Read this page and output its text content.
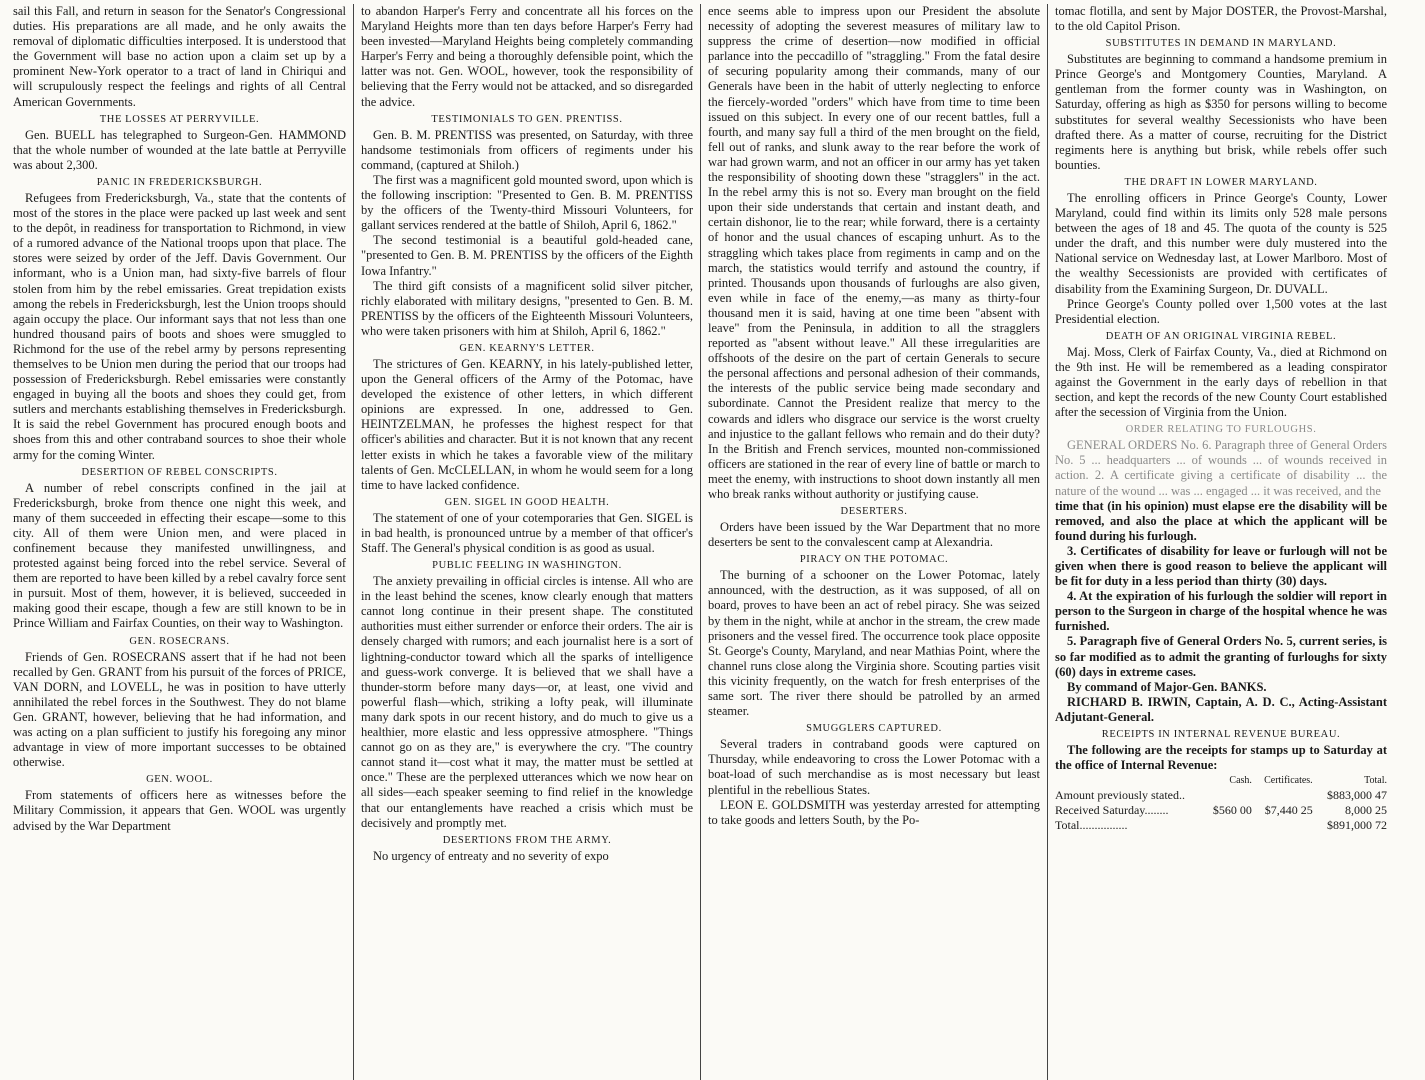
sail this Fall, and return in season for the Senator's Congressional duties. His preparations are all made, and he only awaits the removal of diplomatic difficulties interposed. It is understood that the Government will base no action upon a claim set up by a prominent New-York operator to a tract of land in Chiriqui and will scrupulously respect the feelings and rights of all Central American Governments.

THE LOSSES AT PERRYVILLE.

Gen. BUELL has telegraphed to Surgeon-Gen. HAMMOND that the whole number of wounded at the late battle at Perryville was about 2,300.

PANIC IN FREDERICKSBURGH.

Refugees from Fredericksburgh, Va., state that the contents of most of the stores in the place were packed up last week and sent to the depôt, in readiness for transportation to Richmond, in view of a rumored advance of the National troops upon that place. The stores were seized by order of the Jeff. Davis Government. Our informant, who is a Union man, had sixty-five barrels of flour stolen from him by the rebel emissaries. Great trepidation exists among the rebels in Fredericksburgh, lest the Union troops should again occupy the place. Our informant says that not less than one hundred thousand pairs of boots and shoes were smuggled to Richmond for the use of the rebel army by persons representing themselves to be Union men during the period that our troops had possession of Fredericksburgh. Rebel emissaries were constantly engaged in buying all the boots and shoes they could get, from sutlers and merchants establishing themselves in Fredericksburgh. It is said the rebel Government has procured enough boots and shoes from this and other contraband sources to shoe their whole army for the coming Winter.

DESERTION OF REBEL CONSCRIPTS.

A number of rebel conscripts confined in the jail at Fredericksburgh, broke from thence one night this week, and many of them succeeded in effecting their escape—some to this city. All of them were Union men, and were placed in confinement because they manifested unwillingness, and protested against being forced into the rebel service. Several of them are reported to have been killed by a rebel cavalry force sent in pursuit. Most of them, however, it is believed, succeeded in making good their escape, though a few are still known to be in Prince William and Fairfax Counties, on their way to Washington.

GEN. ROSECRANS.

Friends of Gen. ROSECRANS assert that if he had not been recalled by Gen. GRANT from his pursuit of the forces of PRICE, VAN DORN, and LOVELL, he was in position to have utterly annihilated the rebel forces in the Southwest. They do not blame Gen. GRANT, however, believing that he had information, and was acting on a plan sufficient to justify his foregoing any minor advantage in view of more important successes to be obtained otherwise.

GEN. WOOL.

From statements of officers here as witnesses before the Military Commission, it appears that Gen. WOOL was urgently advised by the War Department

to abandon Harper's Ferry and concentrate all his forces on the Maryland Heights more than ten days before Harper's Ferry had been invested—Maryland Heights being completely commanding Harper's Ferry and being a thoroughly defensible point, which the latter was not. Gen. WOOL, however, took the responsibility of believing that the Ferry would not be attacked, and so disregarded the advice.

TESTIMONIALS TO GEN. PRENTISS.

Gen. B. M. PRENTISS was presented, on Saturday, with three handsome testimonials from officers of regiments under his command, (captured at Shiloh.)

The first was a magnificent gold mounted sword, upon which is the following inscription: "Presented to Gen. B. M. PRENTISS by the officers of the Twenty-third Missouri Volunteers, for gallant services rendered at the battle of Shiloh, April 6, 1862."

The second testimonial is a beautiful gold-headed cane, "presented to Gen. B. M. PRENTISS by the officers of the Eighth Iowa Infantry."

The third gift consists of a magnificent solid silver pitcher, richly elaborated with military designs, "presented to Gen. B. M. PRENTISS by the officers of the Eighteenth Missouri Volunteers, who were taken prisoners with him at Shiloh, April 6, 1862."

GEN. KEARNY'S LETTER.

The strictures of Gen. KEARNY, in his lately-published letter, upon the General officers of the Army of the Potomac, have developed the existence of other letters, in which different opinions are expressed. In one, addressed to Gen. HEINTZELMAN, he professes the highest respect for that officer's abilities and character. But it is not known that any recent letter exists in which he takes a favorable view of the military talents of Gen. McCLELLAN, in whom he would seem for a long time to have lacked confidence.

GEN. SIGEL IN GOOD HEALTH.

The statement of one of your cotemporaries that Gen. SIGEL is in bad health, is pronounced untrue by a member of that officer's Staff. The General's physical condition is as good as usual.

PUBLIC FEELING IN WASHINGTON.

The anxiety prevailing in official circles is intense. All who are in the least behind the scenes, know clearly enough that matters cannot long continue in their present shape. The constituted authorities must either surrender or enforce their orders. The air is densely charged with rumors; and each journalist here is a sort of lightning-conductor toward which all the sparks of intelligence and guess-work converge. It is believed that we shall have a thunder-storm before many days—or, at least, one vivid and powerful flash—which, striking a lofty peak, will illuminate many dark spots in our recent history, and do much to give us a healthier, more elastic and less oppressive atmosphere. "Things cannot go on as they are," is everywhere the cry. "The country cannot stand it—cost what it may, the matter must be settled at once." These are the perplexed utterances which we now hear on all sides—each speaker seeming to find relief in the knowledge that our entanglements have reached a crisis which must be decisively and promptly met.

DESERTIONS FROM THE ARMY.

No urgency of entreaty and no severity of expo

ence seems able to impress upon our President the absolute necessity of adopting the severest measures of military law to suppress the crime of desertion—now modified in official parlance into the peccadillo of "straggling." From the fatal desire of securing popularity among their commands, many of our Generals have been in the habit of utterly neglecting to enforce the fiercely-worded "orders" which have from time to time been issued on this subject. In every one of our recent battles, full a fourth, and many say full a third of the men brought on the field, fell out of ranks, and slunk away to the rear before the work of war had grown warm, and not an officer in our army has yet taken the responsibility of shooting down these "stragglers" in the act. In the rebel army this is not so. Every man brought on the field upon their side understands that certain and instant death, and certain dishonor, lie to the rear; while forward, there is a certainty of honor and the usual chances of escaping unhurt. As to the straggling which takes place from regiments in camp and on the march, the statistics would terrify and astound the country, if printed. Thousands upon thousands of furloughs are also given, even while in face of the enemy,—as many as thirty-four thousand men it is said, having at one time been "absent with leave" from the Peninsula, in addition to all the stragglers reported as "absent without leave." All these irregularities are offshoots of the desire on the part of certain Generals to secure the personal affections and personal adhesion of their commands, the interests of the public service being made secondary and subordinate. Cannot the President realize that mercy to the cowards and idlers who disgrace our service is the worst cruelty and injustice to the gallant fellows who remain and do their duty? In the British and French services, mounted non-commissioned officers are stationed in the rear of every line of battle or march to meet the enemy, with instructions to shoot down instantly all men who break ranks without authority or justifying cause.

DESERTERS.

Orders have been issued by the War Department that no more deserters be sent to the convalescent camp at Alexandria.

PIRACY ON THE POTOMAC.

The burning of a schooner on the Lower Potomac, lately announced, with the destruction, as it was supposed, of all on board, proves to have been an act of rebel piracy. She was seized by them in the night, while at anchor in the stream, the crew made prisoners and the vessel fired. The occurrence took place opposite St. George's County, Maryland, and near Mathias Point, where the channel runs close along the Virginia shore. Scouting parties visit this vicinity frequently, on the watch for fresh enterprises of the same sort. The river there should be patrolled by an armed steamer.

SMUGGLERS CAPTURED.

Several traders in contraband goods were captured on Thursday, while endeavoring to cross the Lower Potomac with a boat-load of such merchandise as is most necessary but least plentiful in the rebellious States.

LEON E. GOLDSMITH was yesterday arrested for attempting to take goods and letters South, by the Po-

tomac flotilla, and sent by Major DOSTER, the Provost-Marshal, to the old Capitol Prison.

SUBSTITUTES IN DEMAND IN MARYLAND.

Substitutes are beginning to command a handsome premium in Prince George's and Montgomery Counties, Maryland. A gentleman from the former county was in Washington, on Saturday, offering as high as $350 for persons willing to become substitutes for several wealthy Secessionists who have been drafted there. As a matter of course, recruiting for the District regiments here is anything but brisk, while rebels offer such bounties.

THE DRAFT IN LOWER MARYLAND.

The enrolling officers in Prince George's County, Lower Maryland, could find within its limits only 528 male persons between the ages of 18 and 45. The quota of the county is 525 under the draft, and this number were duly mustered into the National service on Wednesday last, at Lower Marlboro. Most of the wealthy Secessionists are provided with certificates of disability from the Examining Surgeon, Dr. DUVALL.

Prince George's County polled over 1,500 votes at the last Presidential election.

DEATH OF AN ORIGINAL VIRGINIA REBEL.

Maj. Moss, Clerk of Fairfax County, Va., died at Richmond on the 9th inst. He will be remembered as a leading conspirator against the Government in the early days of rebellion in that section, and kept the records of the new County Court established after the secession of Virginia from the Union.

ORDER RELATING TO FURLOUGHS.

GENERAL ORDERS No. 6. Paragraph three of General Orders No. 5 ... headquarters ... of wounds ... of wounds received in action. 2. A certificate giving a certificate of disability ... the nature of the wound ... was ... engaged ... it was received, and the

time that (in his opinion) must elapse ere the disability will be removed, and also the place at which the applicant will be found during his furlough.

3. Certificates of disability for leave or furlough will not be given when there is good reason to believe the applicant will be fit for duty in a less period than thirty (30) days.

4. At the expiration of his furlough the soldier will report in person to the Surgeon in charge of the hospital whence he was furnished.

5. Paragraph five of General Orders No. 5, current series, is so far modified as to admit the granting of furloughs for sixty (60) days in extreme cases.

By command of Major-Gen. BANKS.

RICHARD B. IRWIN, Captain, A. D. C., Acting-Assistant Adjutant-General.

RECEIPTS IN INTERNAL REVENUE BUREAU.

The following are the receipts for stamps up to Saturday at the office of Internal Revenue:

	Cash.	Certificates.	Total.
Amount previously stated..			$883,000 47
Received Saturday........	$560 00	$7,440 25	8,000 25
Total................			$891,000 72
